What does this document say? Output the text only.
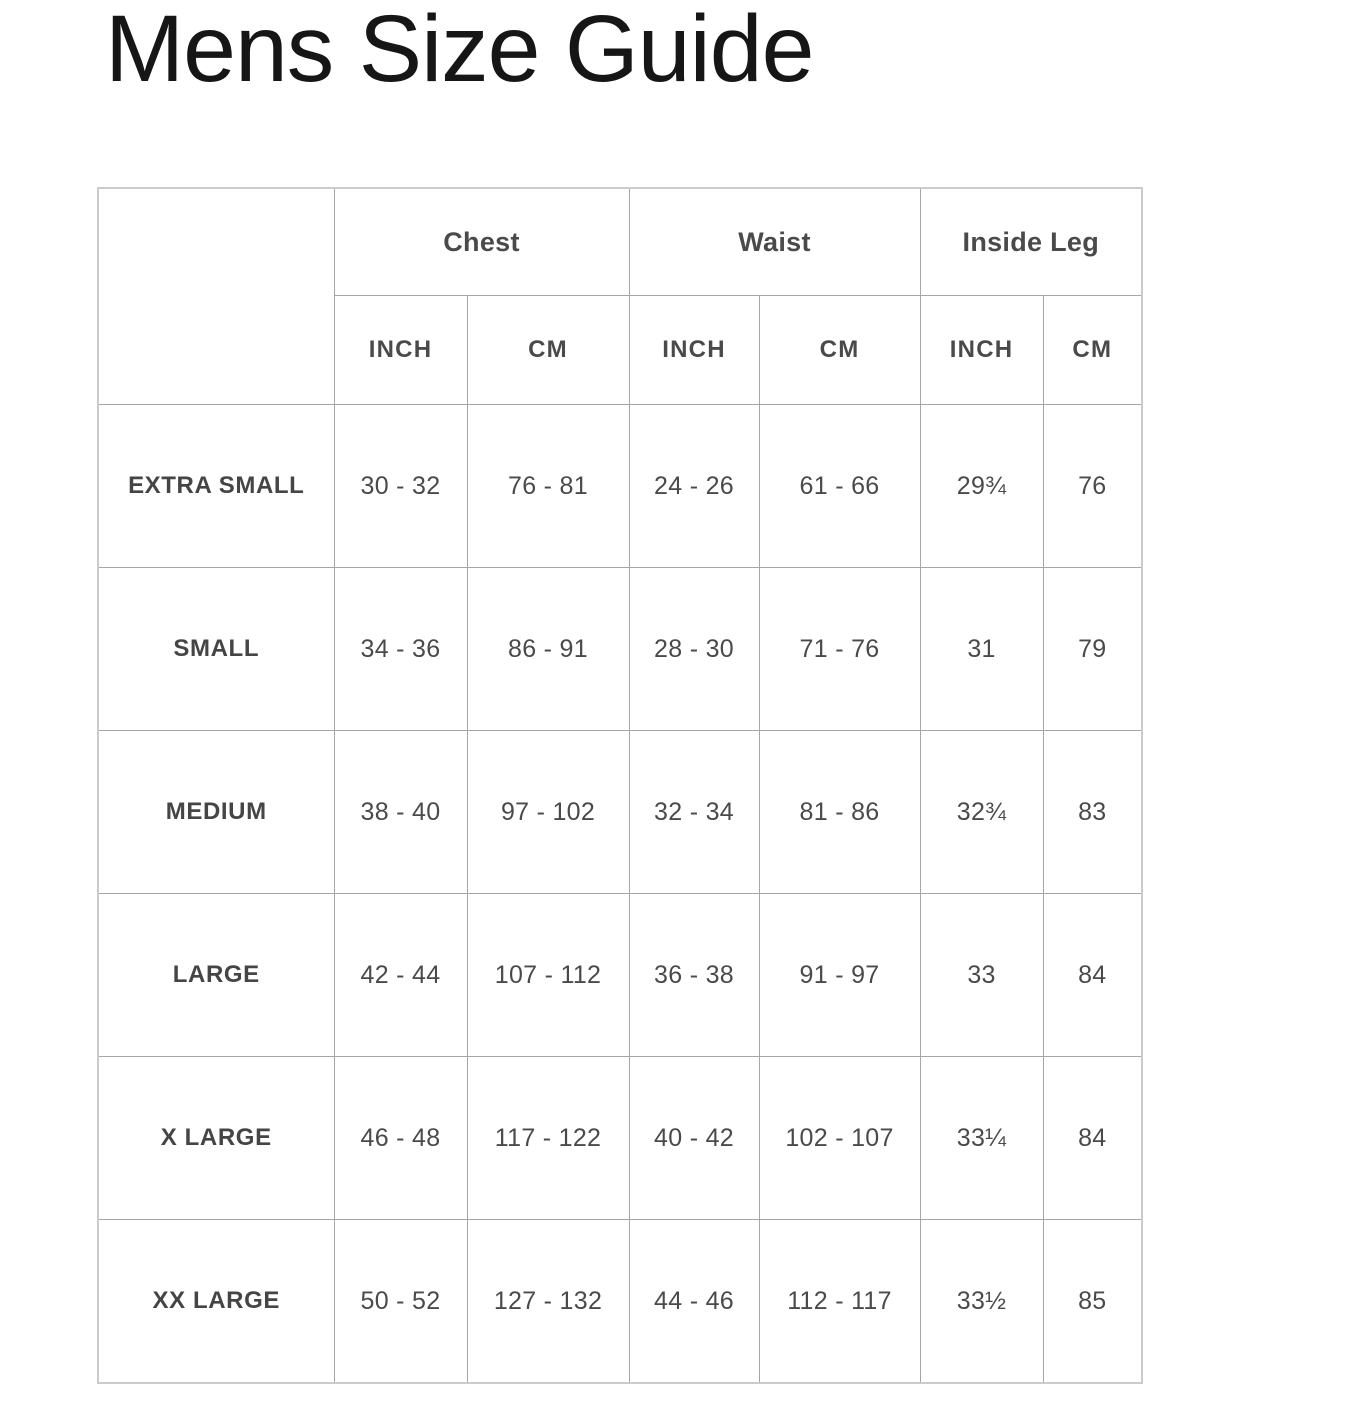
Mens Size Guide
	Chest		Waist		Inside Leg	
	INCH	CM	INCH	CM	INCH	CM
EXTRA SMALL	30 - 32	76 - 81	24 - 26	61 - 66	29¾	76
SMALL	34 - 36	86 - 91	28 - 30	71 - 76	31	79
MEDIUM	38 - 40	97 - 102	32 - 34	81 - 86	32¾	83
LARGE	42 - 44	107 - 112	36 - 38	91 - 97	33	84
X LARGE	46 - 48	117 - 122	40 - 42	102 - 107	33¼	84
XX LARGE	50 - 52	127 - 132	44 - 46	112 - 117	33½	85
